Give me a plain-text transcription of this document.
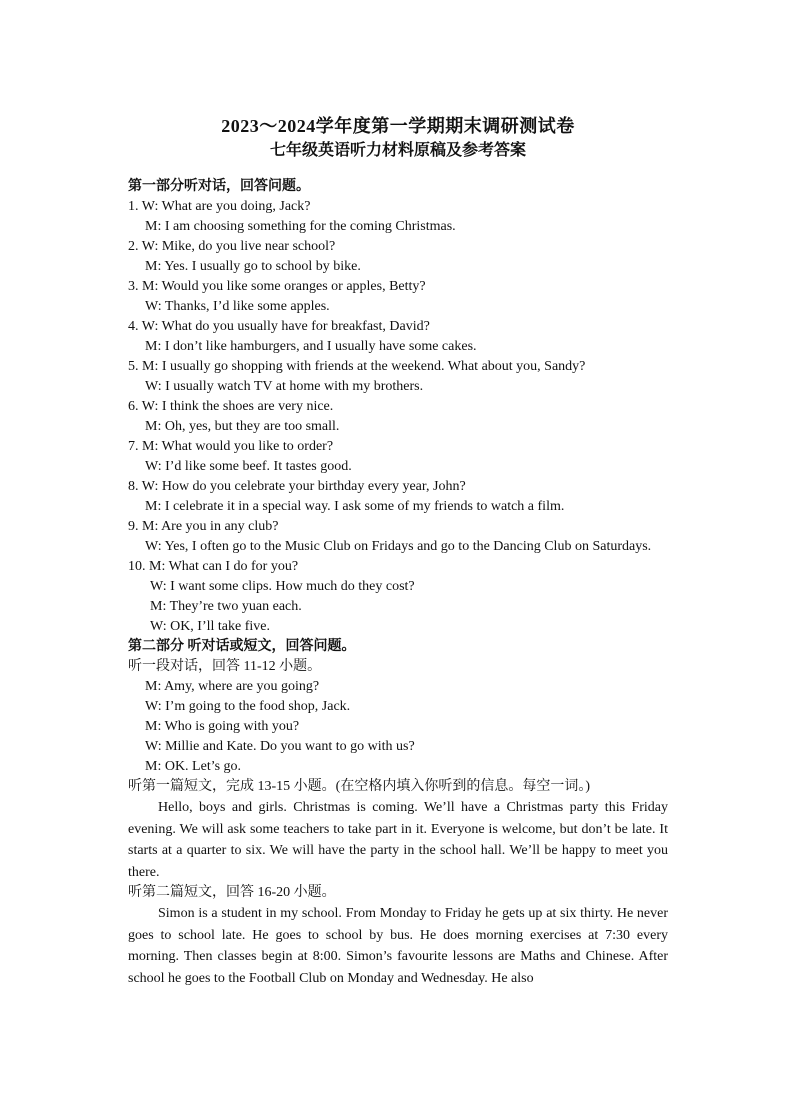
2023～2024学年度第一学期期末调研测试卷
七年级英语听力材料原稿及参考答案
第一部分听对话，回答问题。
1. W: What are you doing, Jack?
M: I am choosing something for the coming Christmas.
2. W: Mike, do you live near school?
M: Yes. I usually go to school by bike.
3. M: Would you like some oranges or apples, Betty?
W: Thanks, I’d like some apples.
4. W: What do you usually have for breakfast, David?
M: I don’t like hamburgers, and I usually have some cakes.
5. M: I usually go shopping with friends at the weekend. What about you, Sandy?
W: I usually watch TV at home with my brothers.
6. W: I think the shoes are very nice.
M: Oh, yes, but they are too small.
7. M: What would you like to order?
W: I’d like some beef. It tastes good.
8. W: How do you celebrate your birthday every year, John?
M: I celebrate it in a special way. I ask some of my friends to watch a film.
9. M: Are you in any club?
W: Yes, I often go to the Music Club on Fridays and go to the Dancing Club on Saturdays.
10. M: What can I do for you?
W: I want some clips. How much do they cost?
M: They’re two yuan each.
W: OK, I’ll take five.
第二部分 听对话或短文，回答问题。
听一段对话，回答 11-12 小题。
M: Amy, where are you going?
W: I’m going to the food shop, Jack.
M: Who is going with you?
W: Millie and Kate. Do you want to go with us?
M: OK. Let’s go.
听第一篇短文，完成 13-15 小题。(在空格内填入你听到的信息。每空一词。)

Hello, boys and girls. Christmas is coming. We’ll have a Christmas party this Friday evening. We will ask some teachers to take part in it. Everyone is welcome, but don’t be late. It starts at a quarter to six. We will have the party in the school hall. We’ll be happy to meet you there.

听第二篇短文，回答 16-20 小题。

Simon is a student in my school. From Monday to Friday he gets up at six thirty. He never goes to school late. He goes to school by bus. He does morning exercises at 7:30 every morning. Then classes begin at 8:00. Simon’s favourite lessons are Maths and Chinese. After school he goes to the Football Club on Monday and Wednesday. He also
